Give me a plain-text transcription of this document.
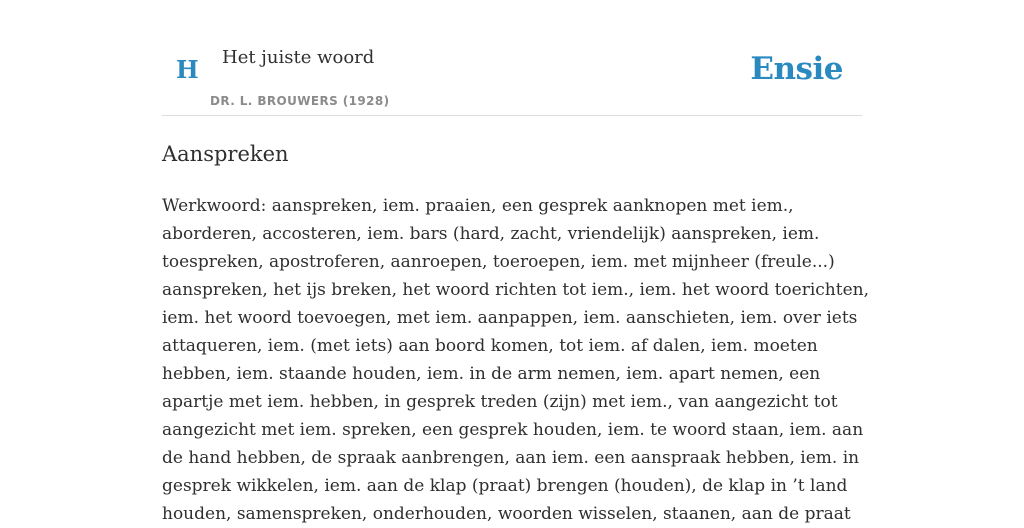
H Het juiste woord
DR. L. BROUWERS (1928)
Ensie
Aanspreken

Werkwoord: aanspreken, iem. praaien, een gesprek aanknopen met iem.,
aborderen, accosteren, iem. bars (hard, zacht, vriendelijk) aanspreken, iem.
toespreken, apostroferen, aanroepen, toeroepen, iem. met mijnheer (freule...)
aanspreken, het ijs breken, het woord richten tot iem., iem. het woord toerichten,
iem. het woord toevoegen, met iem. aanpappen, iem. aanschieten, iem. over iets
attaqueren, iem. (met iets) aan boord komen, tot iem. af dalen, iem. moeten
hebben, iem. staande houden, iem. in de arm nemen, iem. apart nemen, een
apartje met iem. hebben, in gesprek treden (zijn) met iem., van aangezicht tot
aangezicht met iem. spreken, een gesprek houden, iem. te woord staan, iem. aan
de hand hebben, de spraak aanbrengen, aan iem. een aanspraak hebben, iem. in
gesprek wikkelen, iem. aan de klap (praat) brengen (houden), de klap in ’t land
houden, samenspreken, onderhouden, woorden wisselen, staanen, aan de praat
